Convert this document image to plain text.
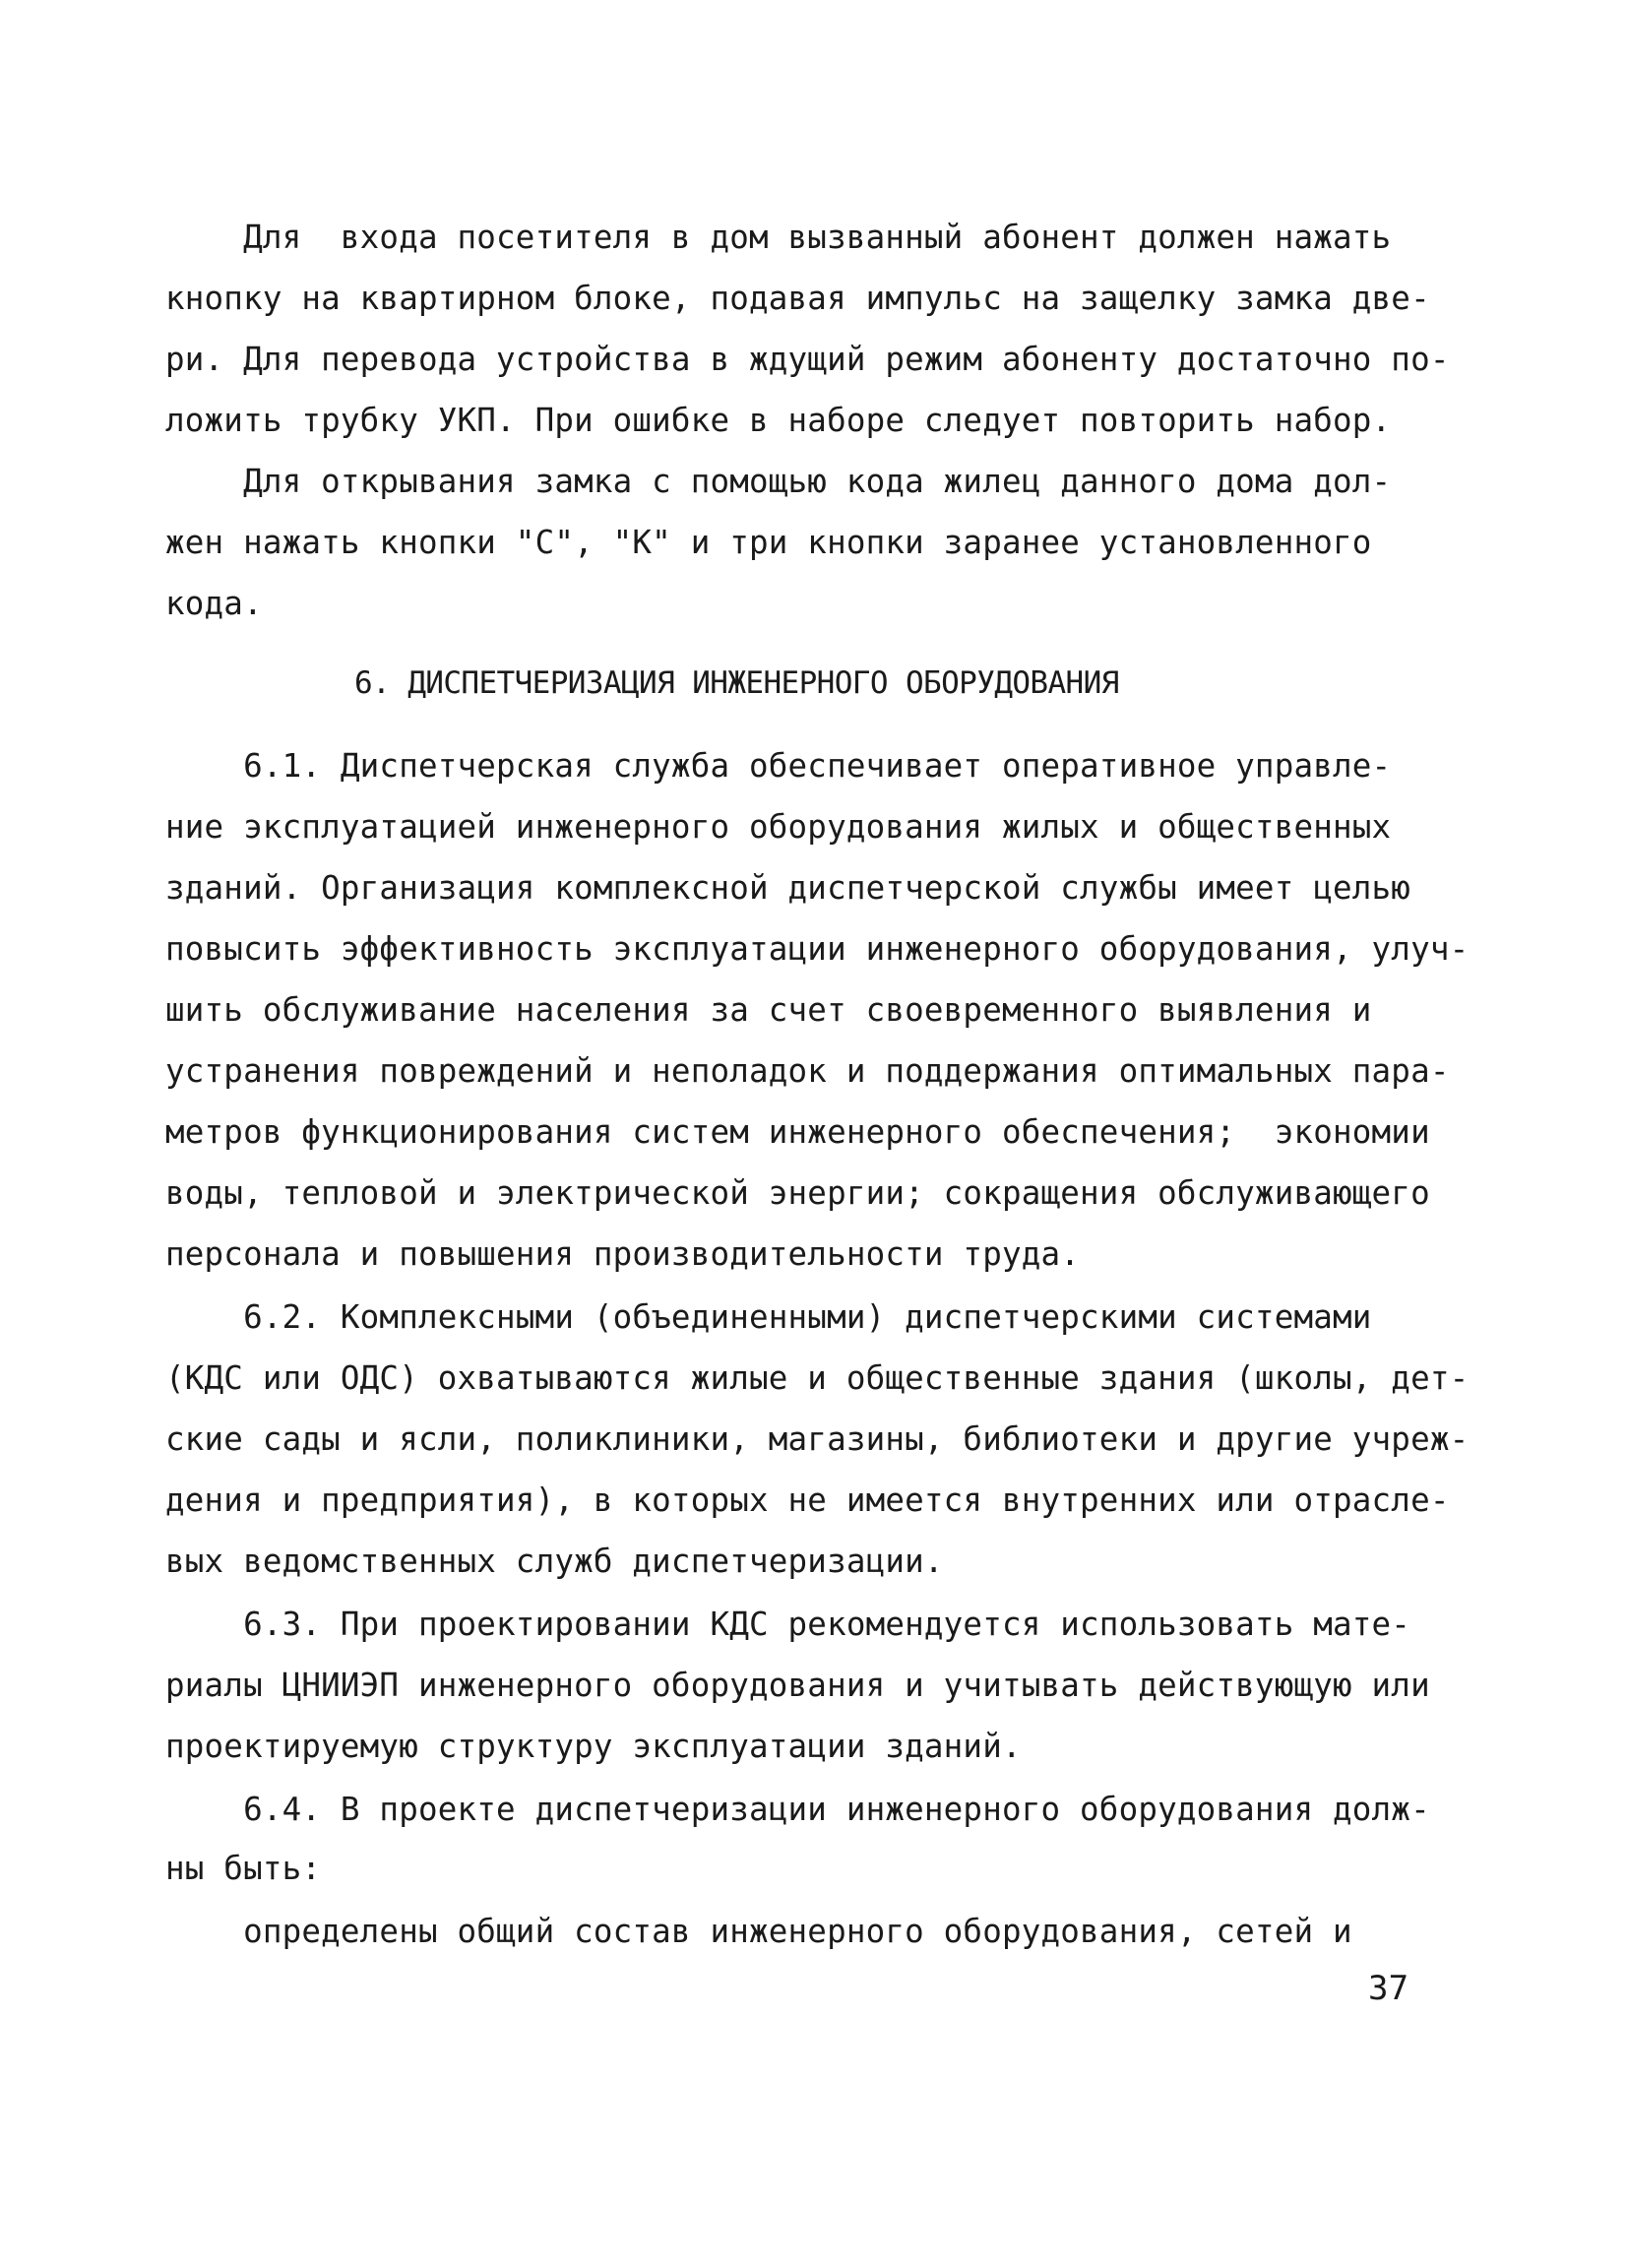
Для  входа посетителя в дом вызванный абонент должен нажать
кнопку на квартирном блоке, подавая импульс на защелку замка две-
ри. Для перевода устройства в ждущий режим абоненту достаточно по-
ложить трубку УКП. При ошибке в наборе следует повторить набор.
Для открывания замка с помощью кода жилец данного дома дол-
жен нажать кнопки "С", "К" и три кнопки заранее установленного
кода.
6. ДИСПЕТЧЕРИЗАЦИЯ ИНЖЕНЕРНОГО ОБОРУДОВАНИЯ
6.1. Диспетчерская служба обеспечивает оперативное управле-
ние эксплуатацией инженерного оборудования жилых и общественных
зданий. Организация комплексной диспетчерской службы имеет целью
повысить эффективность эксплуатации инженерного оборудования, улуч-
шить обслуживание населения за счет своевременного выявления и
устранения повреждений и неполадок и поддержания оптимальных пара-
метров функционирования систем инженерного обеспечения;  экономии
воды, тепловой и электрической энергии; сокращения обслуживающего
персонала и повышения производительности труда.
6.2. Комплексными (объединенными) диспетчерскими системами
(КДС или ОДС) охватываются жилые и общественные здания (школы, дет-
ские сады и ясли, поликлиники, магазины, библиотеки и другие учреж-
дения и предприятия), в которых не имеется внутренних или отрасле-
вых ведомственных служб диспетчеризации.
6.3. При проектировании КДС рекомендуется использовать мате-
риалы ЦНИИЭП инженерного оборудования и учитывать действующую или
проектируемую структуру эксплуатации зданий.
6.4. В проекте диспетчеризации инженерного оборудования долж-
ны быть:
определены общий состав инженерного оборудования, сетей и
37
